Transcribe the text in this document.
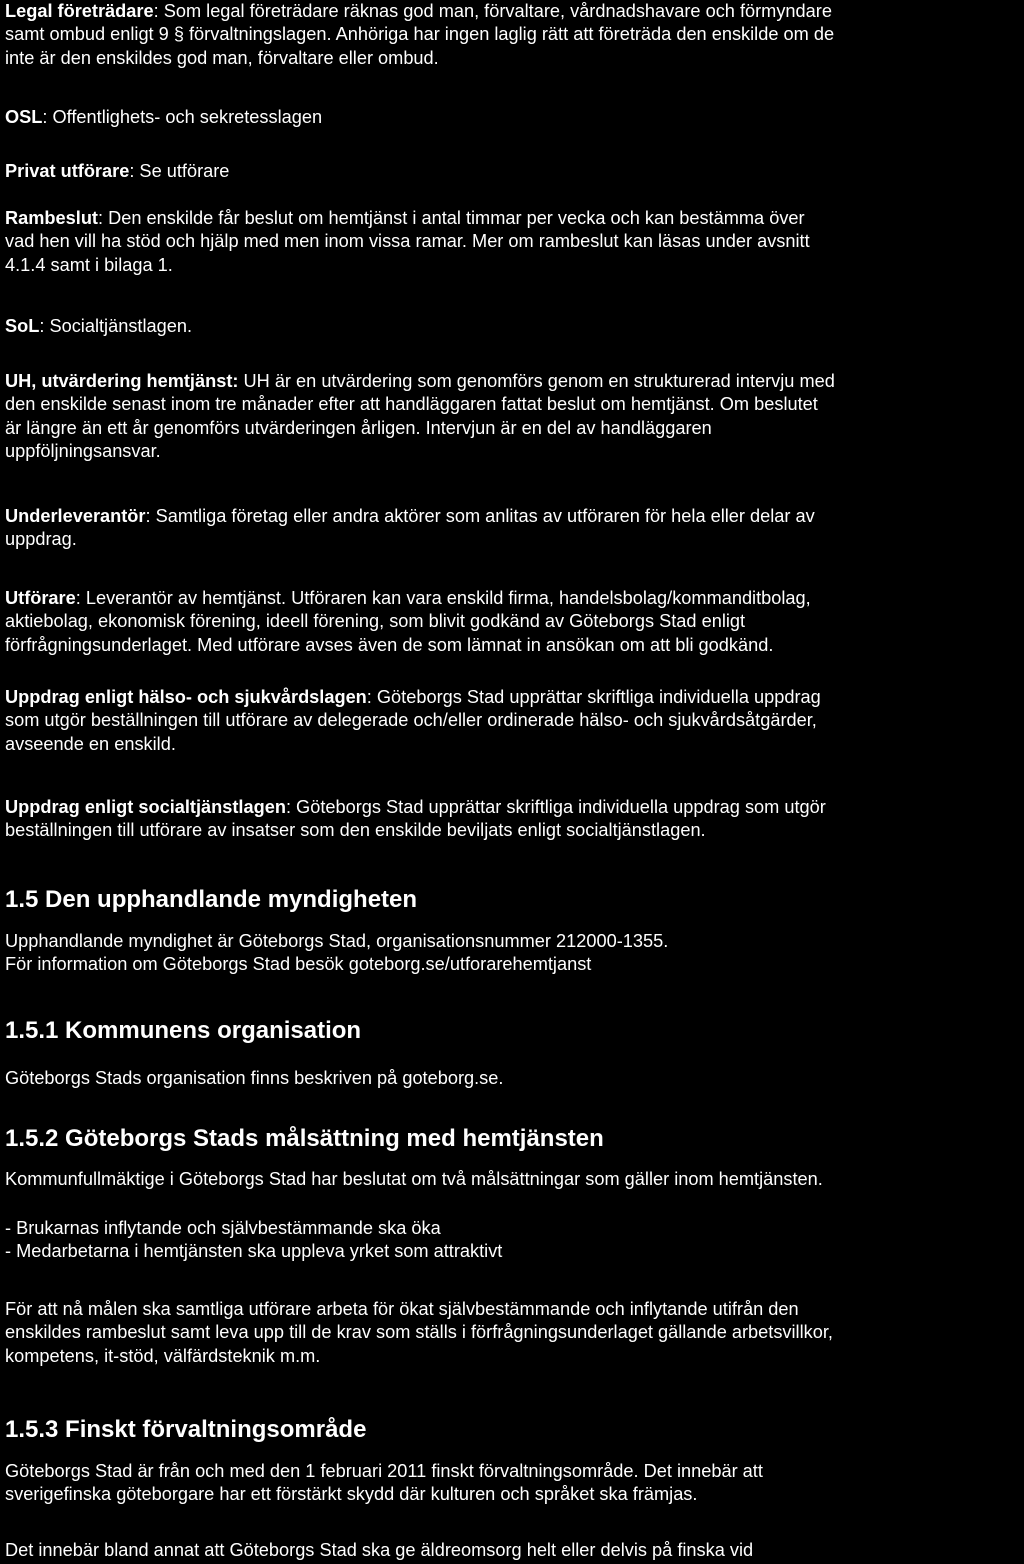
Legal företrädare: Som legal företrädare räknas god man, förvaltare, vårdnadshavare och förmyndare
samt ombud enligt 9 § förvaltningslagen. Anhöriga har ingen laglig rätt att företräda den enskilde om de
inte är den enskildes god man, förvaltare eller ombud.
OSL: Offentlighets- och sekretesslagen
Privat utförare: Se utförare
Rambeslut: Den enskilde får beslut om hemtjänst i antal timmar per vecka och kan bestämma över
vad hen vill ha stöd och hjälp med men inom vissa ramar. Mer om rambeslut kan läsas under avsnitt
4.1.4 samt i bilaga 1.
SoL: Socialtjänstlagen.
UH, utvärdering hemtjänst: UH är en utvärdering som genomförs genom en strukturerad intervju med
den enskilde senast inom tre månader efter att handläggaren fattat beslut om hemtjänst. Om beslutet
är längre än ett år genomförs utvärderingen årligen. Intervjun är en del av handläggaren
uppföljningsansvar.
Underleverantör: Samtliga företag eller andra aktörer som anlitas av utföraren för hela eller delar av
uppdrag.
Utförare: Leverantör av hemtjänst. Utföraren kan vara enskild firma, handelsbolag/kommanditbolag,
aktiebolag, ekonomisk förening, ideell förening, som blivit godkänd av Göteborgs Stad enligt
förfrågningsunderlaget. Med utförare avses även de som lämnat in ansökan om att bli godkänd.
Uppdrag enligt hälso- och sjukvårdslagen: Göteborgs Stad upprättar skriftliga individuella uppdrag
som utgör beställningen till utförare av delegerade och/eller ordinerade hälso- och sjukvårdsåtgärder,
avseende en enskild.
Uppdrag enligt socialtjänstlagen: Göteborgs Stad upprättar skriftliga individuella uppdrag som utgör
beställningen till utförare av insatser som den enskilde beviljats enligt socialtjänstlagen.
1.5 Den upphandlande myndigheten
Upphandlande myndighet är Göteborgs Stad, organisationsnummer 212000-1355.
För information om Göteborgs Stad besök goteborg.se/utforarehemtjanst
1.5.1 Kommunens organisation
Göteborgs Stads organisation finns beskriven på goteborg.se.
1.5.2 Göteborgs Stads målsättning med hemtjänsten
Kommunfullmäktige i Göteborgs Stad har beslutat om två målsättningar som gäller inom hemtjänsten.
- Brukarnas inflytande och självbestämmande ska öka
- Medarbetarna i hemtjänsten ska uppleva yrket som attraktivt
För att nå målen ska samtliga utförare arbeta för ökat självbestämmande och inflytande utifrån den
enskildes rambeslut samt leva upp till de krav som ställs i förfrågningsunderlaget gällande arbetsvillkor,
kompetens, it-stöd, välfärdsteknik m.m.
1.5.3 Finskt förvaltningsområde
Göteborgs Stad är från och med den 1 februari 2011 finskt förvaltningsområde. Det innebär att
sverigefinska göteborgare har ett förstärkt skydd där kulturen och språket ska främjas.
Det innebär bland annat att Göteborgs Stad ska ge äldreomsorg helt eller delvis på finska vid
